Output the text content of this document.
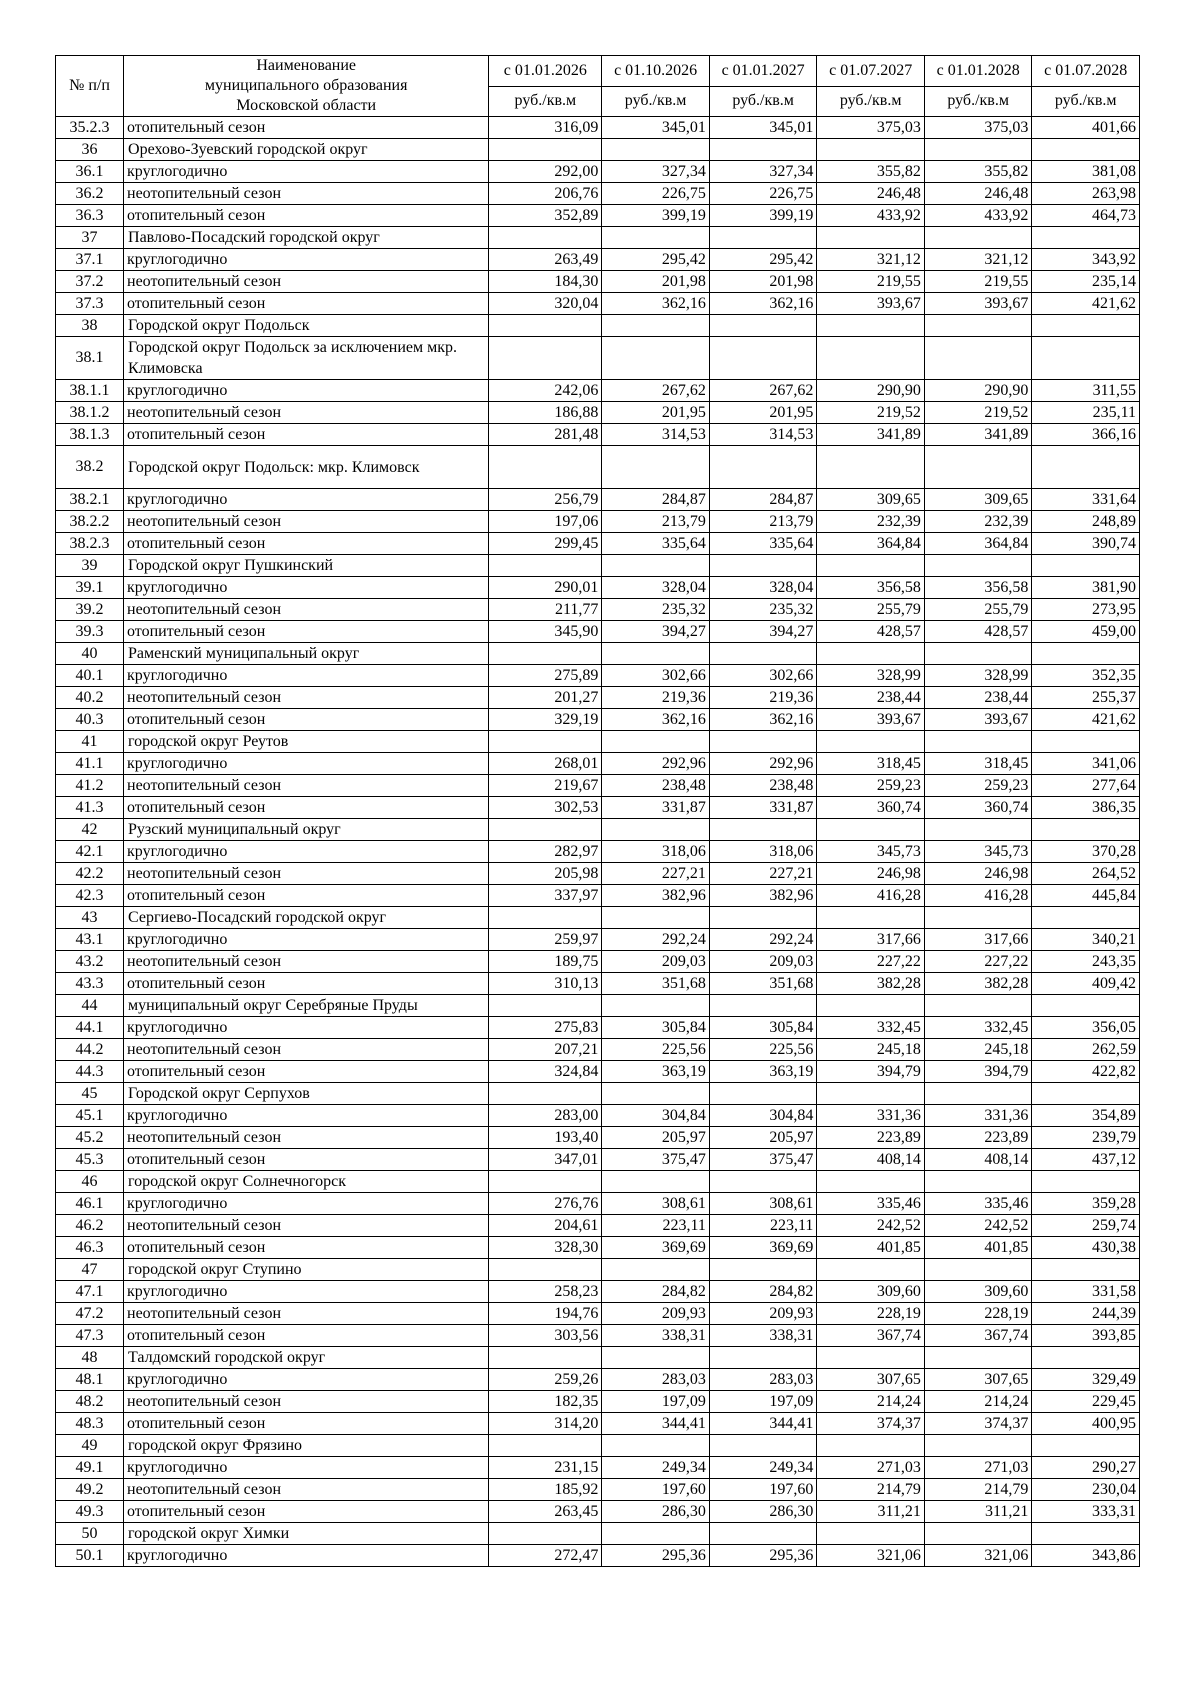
№ п/п	Наименование
муниципального образования
Московской области	с 01.01.2026	с 01.10.2026	с 01.01.2027	с 01.07.2027	с 01.01.2028	с 01.07.2028
		руб./кв.м	руб./кв.м	руб./кв.м	руб./кв.м	руб./кв.м	руб./кв.м
35.2.3	отопительный сезон	316,09	345,01	345,01	375,03	375,03	401,66
36	Орехово-Зуевский городской округ						
36.1	круглогодично	292,00	327,34	327,34	355,82	355,82	381,08
36.2	неотопительный сезон	206,76	226,75	226,75	246,48	246,48	263,98
36.3	отопительный сезон	352,89	399,19	399,19	433,92	433,92	464,73
37	Павлово-Посадский городской округ						
37.1	круглогодично	263,49	295,42	295,42	321,12	321,12	343,92
37.2	неотопительный сезон	184,30	201,98	201,98	219,55	219,55	235,14
37.3	отопительный сезон	320,04	362,16	362,16	393,67	393,67	421,62
38	Городской округ Подольск						
38.1	Городской округ Подольск за исключением мкр. Климовска						
38.1.1	круглогодично	242,06	267,62	267,62	290,90	290,90	311,55
38.1.2	неотопительный сезон	186,88	201,95	201,95	219,52	219,52	235,11
38.1.3	отопительный сезон	281,48	314,53	314,53	341,89	341,89	366,16
38.2	Городской округ Подольск: мкр. Климовск						
38.2.1	круглогодично	256,79	284,87	284,87	309,65	309,65	331,64
38.2.2	неотопительный сезон	197,06	213,79	213,79	232,39	232,39	248,89
38.2.3	отопительный сезон	299,45	335,64	335,64	364,84	364,84	390,74
39	Городской округ Пушкинский						
39.1	круглогодично	290,01	328,04	328,04	356,58	356,58	381,90
39.2	неотопительный сезон	211,77	235,32	235,32	255,79	255,79	273,95
39.3	отопительный сезон	345,90	394,27	394,27	428,57	428,57	459,00
40	Раменский муниципальный округ						
40.1	круглогодично	275,89	302,66	302,66	328,99	328,99	352,35
40.2	неотопительный сезон	201,27	219,36	219,36	238,44	238,44	255,37
40.3	отопительный сезон	329,19	362,16	362,16	393,67	393,67	421,62
41	городской округ Реутов						
41.1	круглогодично	268,01	292,96	292,96	318,45	318,45	341,06
41.2	неотопительный сезон	219,67	238,48	238,48	259,23	259,23	277,64
41.3	отопительный сезон	302,53	331,87	331,87	360,74	360,74	386,35
42	Рузский муниципальный округ						
42.1	круглогодично	282,97	318,06	318,06	345,73	345,73	370,28
42.2	неотопительный сезон	205,98	227,21	227,21	246,98	246,98	264,52
42.3	отопительный сезон	337,97	382,96	382,96	416,28	416,28	445,84
43	Сергиево-Посадский городской округ						
43.1	круглогодично	259,97	292,24	292,24	317,66	317,66	340,21
43.2	неотопительный сезон	189,75	209,03	209,03	227,22	227,22	243,35
43.3	отопительный сезон	310,13	351,68	351,68	382,28	382,28	409,42
44	муниципальный округ Серебряные Пруды						
44.1	круглогодично	275,83	305,84	305,84	332,45	332,45	356,05
44.2	неотопительный сезон	207,21	225,56	225,56	245,18	245,18	262,59
44.3	отопительный сезон	324,84	363,19	363,19	394,79	394,79	422,82
45	Городской округ Серпухов						
45.1	круглогодично	283,00	304,84	304,84	331,36	331,36	354,89
45.2	неотопительный сезон	193,40	205,97	205,97	223,89	223,89	239,79
45.3	отопительный сезон	347,01	375,47	375,47	408,14	408,14	437,12
46	городской округ Солнечногорск						
46.1	круглогодично	276,76	308,61	308,61	335,46	335,46	359,28
46.2	неотопительный сезон	204,61	223,11	223,11	242,52	242,52	259,74
46.3	отопительный сезон	328,30	369,69	369,69	401,85	401,85	430,38
47	городской округ Ступино						
47.1	круглогодично	258,23	284,82	284,82	309,60	309,60	331,58
47.2	неотопительный сезон	194,76	209,93	209,93	228,19	228,19	244,39
47.3	отопительный сезон	303,56	338,31	338,31	367,74	367,74	393,85
48	Талдомский городской округ						
48.1	круглогодично	259,26	283,03	283,03	307,65	307,65	329,49
48.2	неотопительный сезон	182,35	197,09	197,09	214,24	214,24	229,45
48.3	отопительный сезон	314,20	344,41	344,41	374,37	374,37	400,95
49	городской округ Фрязино						
49.1	круглогодично	231,15	249,34	249,34	271,03	271,03	290,27
49.2	неотопительный сезон	185,92	197,60	197,60	214,79	214,79	230,04
49.3	отопительный сезон	263,45	286,30	286,30	311,21	311,21	333,31
50	городской округ Химки						
50.1	круглогодично	272,47	295,36	295,36	321,06	321,06	343,86
